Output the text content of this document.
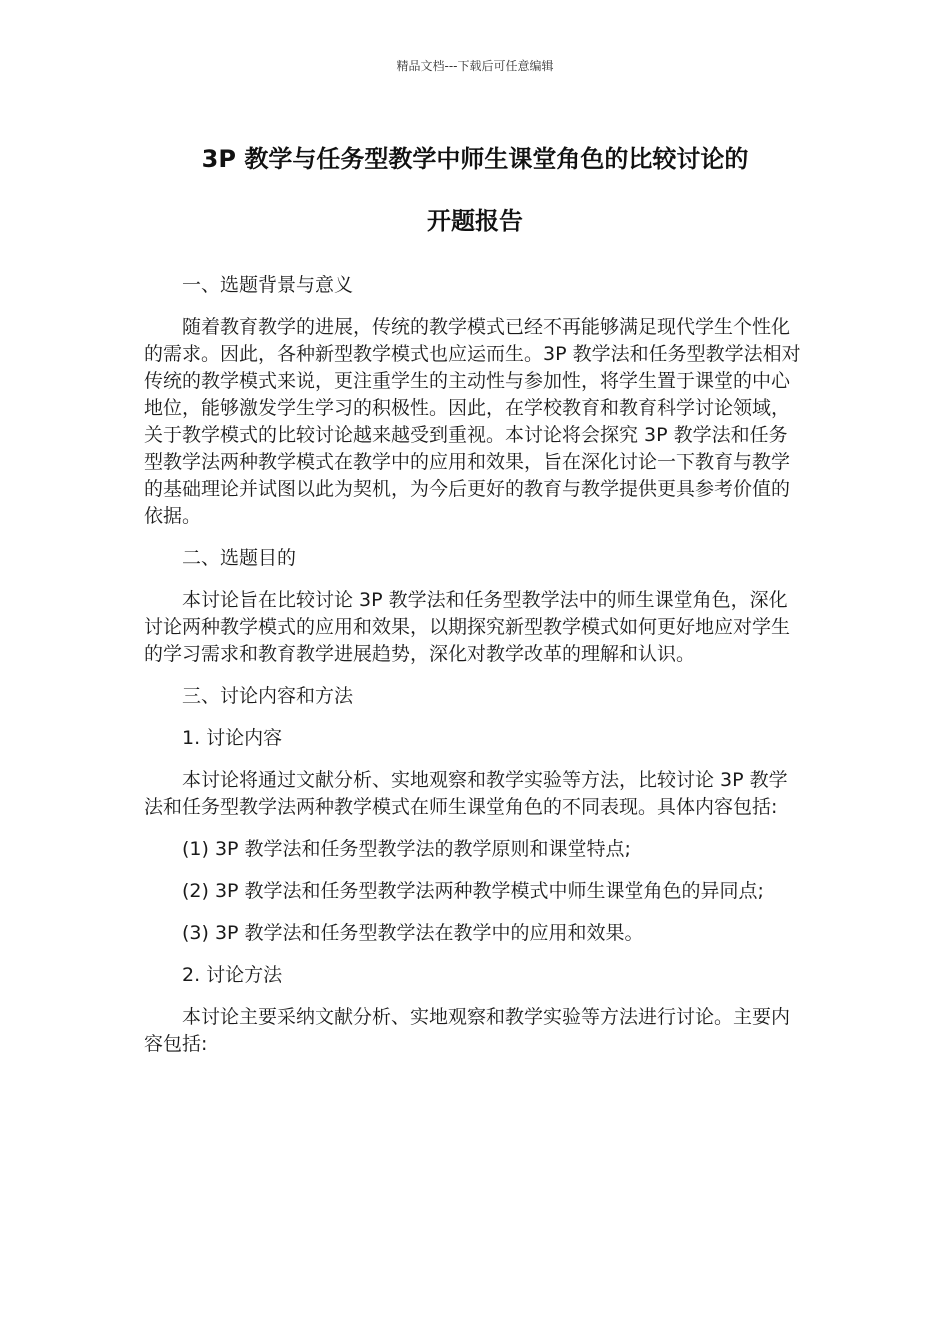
精品文档---下载后可任意编辑
3P 教学与任务型教学中师生课堂角色的比较讨论的
开题报告

一、选题背景与意义

随着教育教学的进展，传统的教学模式已经不再能够满足现代学生个性化的需求。因此，各种新型教学模式也应运而生。3P 教学法和任务型教学法相对传统的教学模式来说，更注重学生的主动性与参加性，将学生置于课堂的中心地位，能够激发学生学习的积极性。因此，在学校教育和教育科学讨论领域，关于教学模式的比较讨论越来越受到重视。本讨论将会探究 3P 教学法和任务型教学法两种教学模式在教学中的应用和效果，旨在深化讨论一下教育与教学的基础理论并试图以此为契机，为今后更好的教育与教学提供更具参考价值的依据。

二、选题目的

本讨论旨在比较讨论 3P 教学法和任务型教学法中的师生课堂角色，深化讨论两种教学模式的应用和效果，以期探究新型教学模式如何更好地应对学生的学习需求和教育教学进展趋势，深化对教学改革的理解和认识。

三、讨论内容和方法

1. 讨论内容

本讨论将通过文献分析、实地观察和教学实验等方法，比较讨论 3P 教学法和任务型教学法两种教学模式在师生课堂角色的不同表现。具体内容包括:

(1) 3P 教学法和任务型教学法的教学原则和课堂特点;

(2) 3P 教学法和任务型教学法两种教学模式中师生课堂角色的异同点;

(3) 3P 教学法和任务型教学法在教学中的应用和效果。

2. 讨论方法

本讨论主要采纳文献分析、实地观察和教学实验等方法进行讨论。主要内容包括:
